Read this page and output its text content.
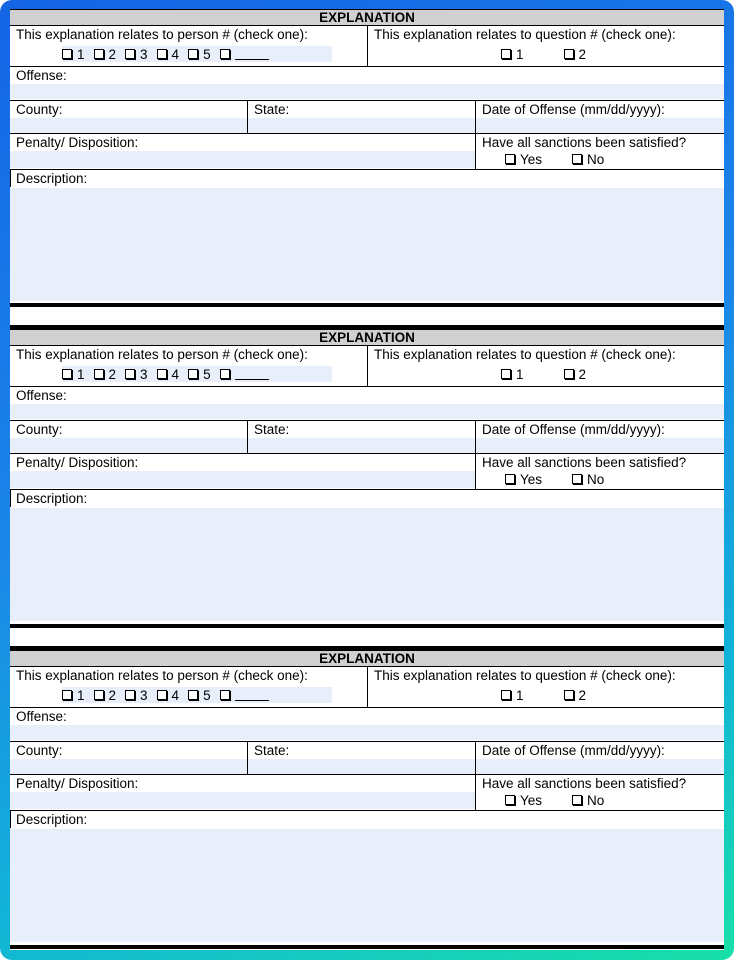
EXPLANATION
This explanation relates to person # (check one):
1 2 3 4 5
This explanation relates to question # (check one):
1	2
Offense:
County:	State:	Date of Offense (mm/dd/yyyy):
Penalty/ Disposition:	Have all sanctions been satisfied?
Yes	No
Description:
EXPLANATION
This explanation relates to person # (check one):
1 2 3 4 5
This explanation relates to question # (check one):
1	2
Offense:
County:	State:	Date of Offense (mm/dd/yyyy):
Penalty/ Disposition:	Have all sanctions been satisfied?
Yes	No
Description:
EXPLANATION
This explanation relates to person # (check one):
1 2 3 4 5
This explanation relates to question # (check one):
1	2
Offense:
County:	State:	Date of Offense (mm/dd/yyyy):
Penalty/ Disposition:	Have all sanctions been satisfied?
Yes	No
Description:
